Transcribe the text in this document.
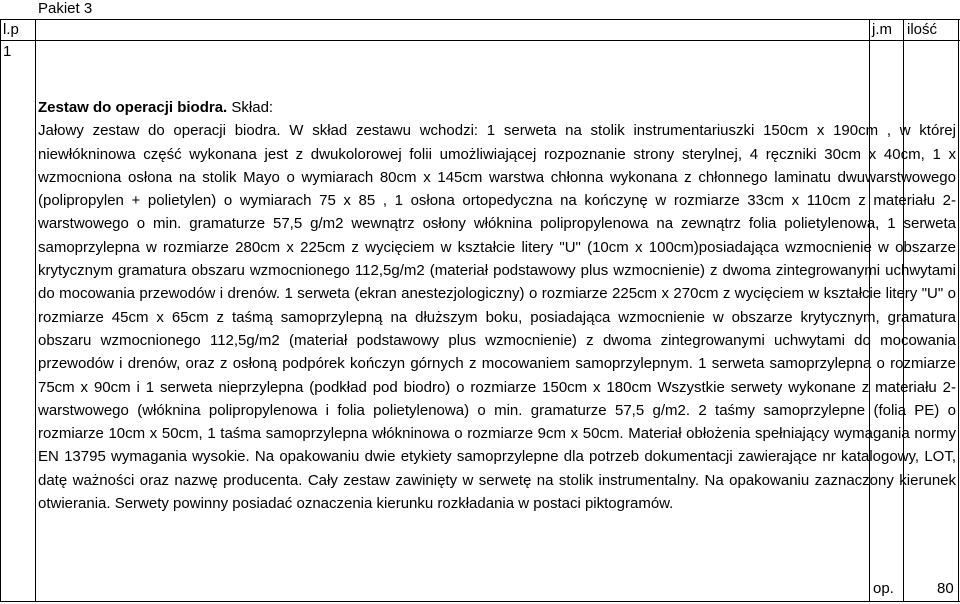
Pakiet 3
l.p	j.m ilość
1
Zestaw do operacji biodra. Skład:
Jałowy zestaw do operacji biodra. W skład zestawu wchodzi: 1 serweta na stolik instrumentariuszki 150cm x 190cm , w której niewłókninowa część wykonana jest z dwukolorowej folii umożliwiającej rozpoznanie strony sterylnej, 4 ręczniki 30cm x 40cm, 1 x wzmocniona osłona na stolik Mayo o wymiarach 80cm x 145cm warstwa chłonna wykonana z chłonnego laminatu dwuwarstwowego (polipropylen + polietylen) o wymiarach 75 x 85 , 1 osłona ortopedyczna na kończynę w rozmiarze 33cm x 110cm z materiału 2-warstwowego o min. gramaturze 57,5 g/m2 wewnątrz osłony włóknina polipropylenowa na zewnątrz folia polietylenowa, 1 serweta samoprzylepna w rozmiarze 280cm x 225cm z wycięciem w kształcie litery "U" (10cm x 100cm)posiadająca wzmocnienie w obszarze krytycznym gramatura obszaru wzmocnionego 112,5g/m2 (materiał podstawowy plus wzmocnienie) z dwoma zintegrowanymi uchwytami do mocowania przewodów i drenów. 1 serweta (ekran anestezjologiczny) o rozmiarze 225cm x 270cm z wycięciem w kształcie litery "U" o rozmiarze 45cm x 65cm z taśmą samoprzylepną na dłuższym boku, posiadająca wzmocnienie w obszarze krytycznym, gramatura obszaru wzmocnionego 112,5g/m2 (materiał podstawowy plus wzmocnienie) z dwoma zintegrowanymi uchwytami do mocowania przewodów i drenów, oraz z osłoną podpórek kończyn górnych z mocowaniem samoprzylepnym. 1 serweta samoprzylepna o rozmiarze 75cm x 90cm i 1 serweta nieprzylepna (podkład pod biodro) o rozmiarze 150cm x 180cm Wszystkie serwety wykonane z materiału 2-warstwowego (włóknina polipropylenowa i folia polietylenowa) o min. gramaturze 57,5 g/m2. 2 taśmy samoprzylepne (folia PE) o rozmiarze 10cm x 50cm, 1 taśma samoprzylepna włókninowa o rozmiarze 9cm x 50cm. Materiał obłożenia spełniający wymagania normy EN 13795 wymagania wysokie. Na opakowaniu dwie etykiety samoprzylepne dla potrzeb dokumentacji zawierające nr katalogowy, LOT, datę ważności oraz nazwę producenta. Cały zestaw zawinięty w serwetę na stolik instrumentalny. Na opakowaniu zaznaczony kierunek otwierania. Serwety powinny posiadać oznaczenia kierunku rozkładania w postaci piktogramów.
op.	80
